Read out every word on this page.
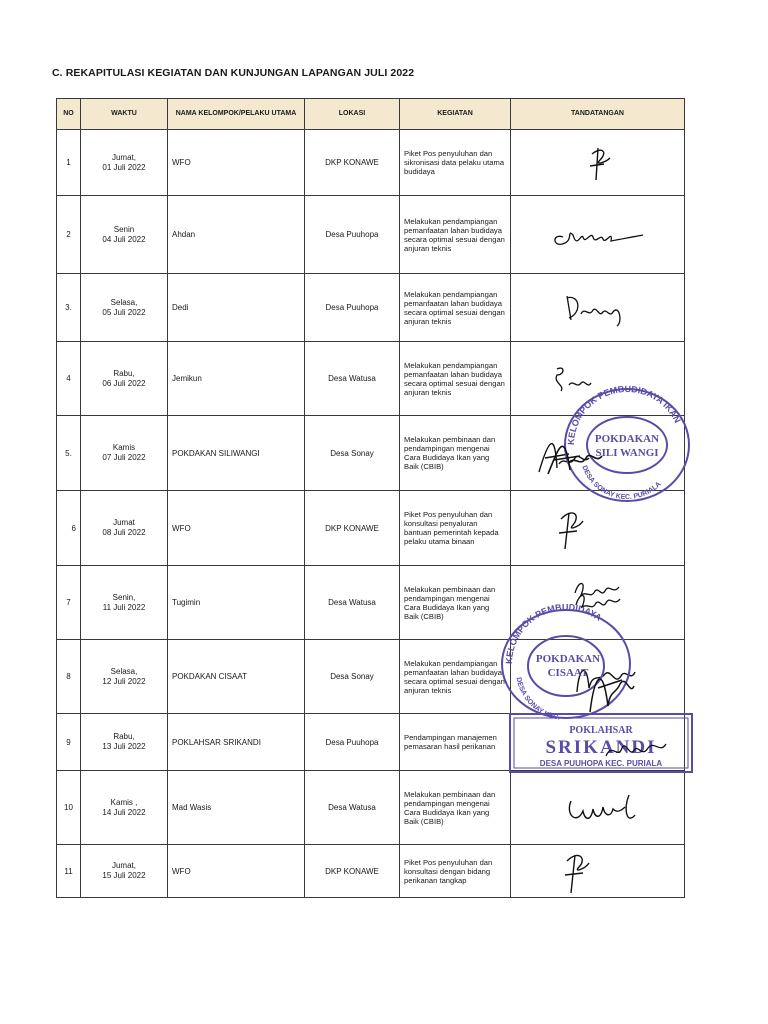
C. REKAPITULASI KEGIATAN DAN KUNJUNGAN LAPANGAN JULI 2022
NO	WAKTU	NAMA KELOMPOK/PELAKU UTAMA	LOKASI	KEGIATAN	TANDATANGAN
1	Jumat,
01 Juli 2022	WFO	DKP KONAWE	Piket Pos penyuluhan dan sikronisasi data pelaku utama budidaya	

2	Senin
04 Juli 2022	Ahdan	Desa Puuhopa	Melakukan pendampiangan pemanfaatan lahan budidaya secara optimal sesuai dengan anjuran teknis	

3.	Selasa,
05 Juli 2022	Dedi	Desa Puuhopa	Melakukan pendampiangan pemanfaatan lahan budidaya secara optimal sesuai dengan anjuran teknis	

4	Rabu,
06 Juli 2022	Jemikun	Desa Watusa	Melakukan pendampiangan pemanfaatan lahan budidaya secara optimal sesuai dengan anjuran teknis	

5.	Kamis
07 Juli 2022	POKDAKAN SILIWANGI	Desa Sonay	Melakukan pembinaan dan pendampingan mengenai Cara Budidaya Ikan yang Baik (CBIB)	

6	Jumat
08 Juli 2022	WFO	DKP KONAWE	Piket Pos penyuluhan dan konsultasi penyaluran bantuan pemerintah kepada pelaku utama binaan	

7	Senin,
11 Juli 2022	Tugimin	Desa Watusa	Melakukan pembinaan dan pendampingan mengenai Cara Budidaya Ikan yang Baik (CBIB)	

8	Selasa,
12 Juli 2022	POKDAKAN CISAAT	Desa Sonay	Melakukan pendampiangan pemanfaatan lahan budidaya secara optimal sesuai dengan anjuran teknis	

9	Rabu,
13 Juli 2022	POKLAHSAR SRIKANDI	Desa Puuhopa	Pendampingan manajemen pemasaran hasil perikanan	
10	Kamis ,
14 Juli 2022	Mad Wasis	Desa Watusa	Melakukan pembinaan dan pendampingan mengenai Cara Budidaya Ikan yang Baik (CBIB)	

11	Jumat,
15 Juli 2022	WFO	DKP KONAWE	Piket Pos penyuluhan dan konsultasi dengan bidang perikanan tangkap	
KELOMPOK PEMBUDIDAYA IKAN
POKDAKAN
SILI WANGI
DESA SONAY KEC. PURIALA
KELOMPOK PEMBUDIDAYA
POKDAKAN
CISAAT
DESA SONAY KEC.
POKLAHSAR
SRIKANDI
DESA PUUHOPA KEC. PURIALA
